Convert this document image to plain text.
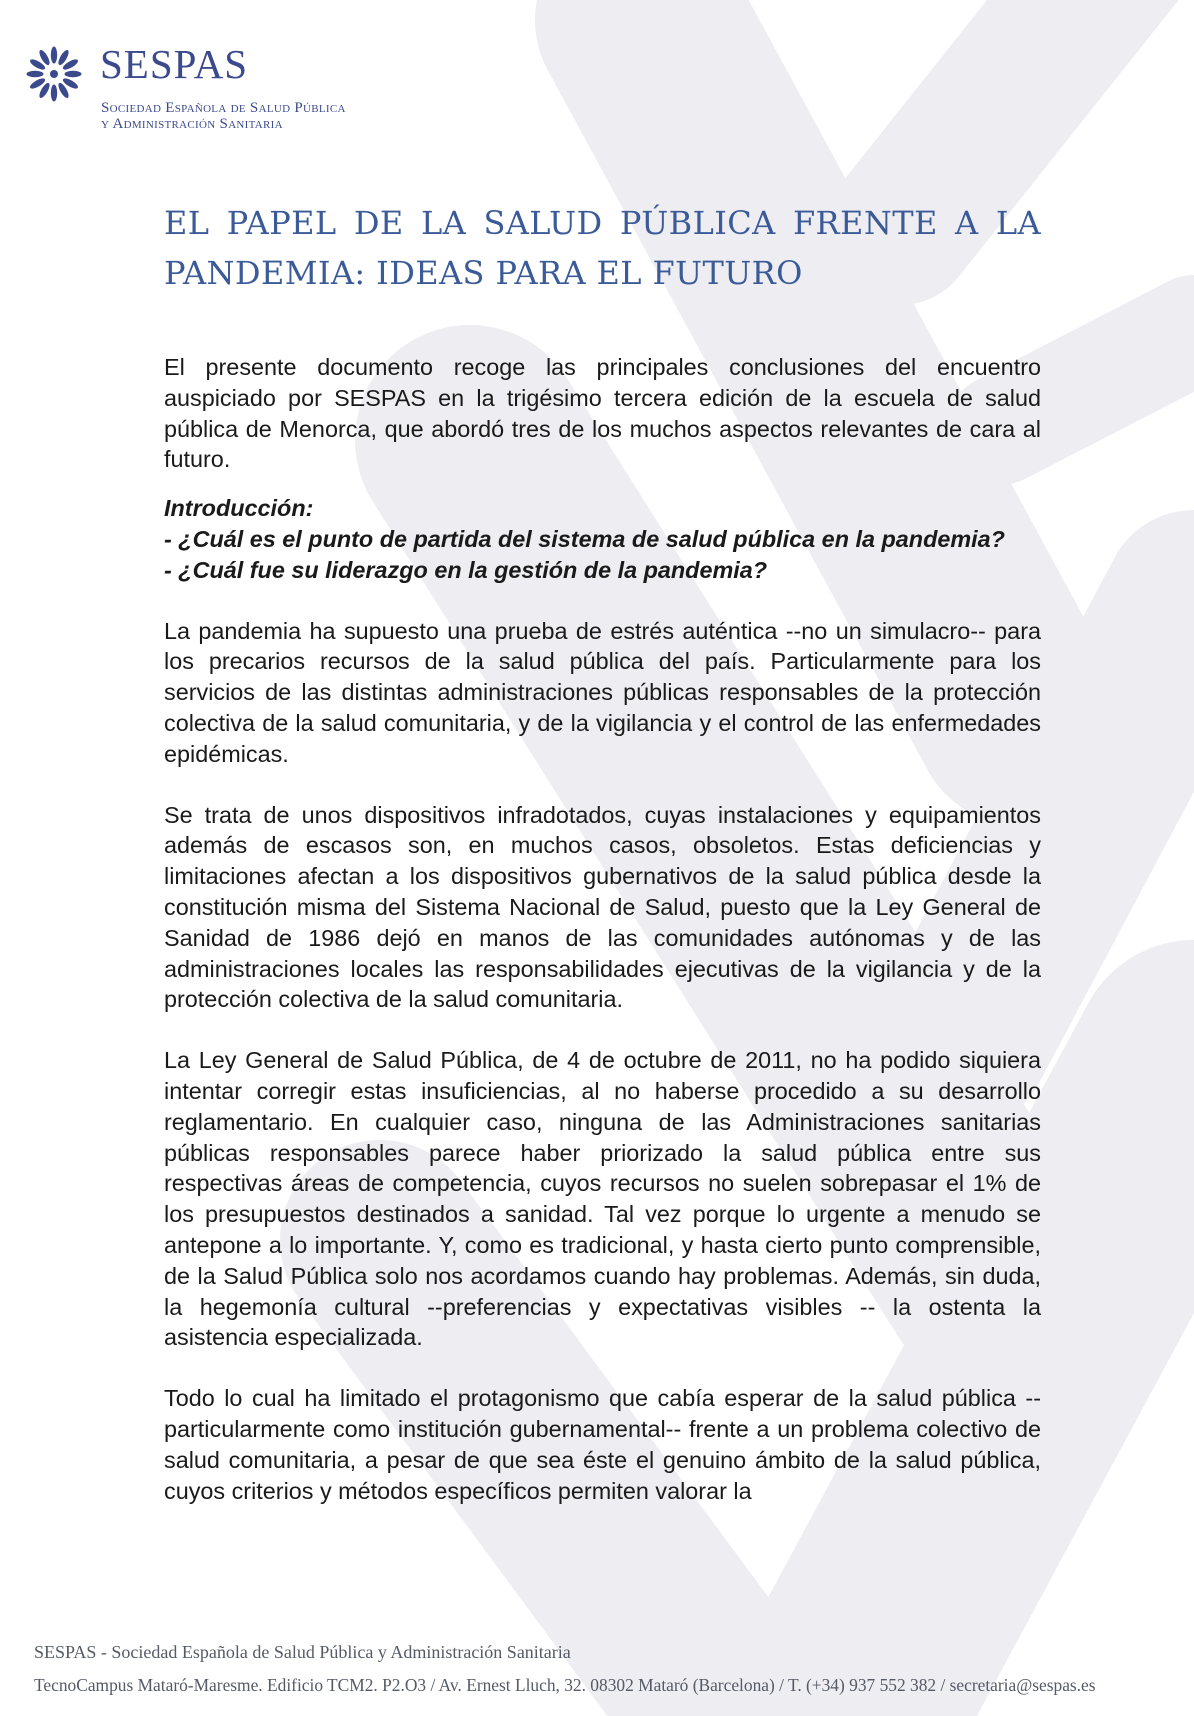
SESPAS
Sociedad Española de Salud Pública
y Administración Sanitaria
EL PAPEL DE LA SALUD PÚBLICA FRENTE A LA PANDEMIA: IDEAS PARA EL FUTURO

El presente documento recoge las principales conclusiones del encuentro auspiciado por SESPAS en la trigésimo tercera edición de la escuela de salud pública de Menorca, que abordó tres de los muchos aspectos relevantes de cara al futuro.

Introducción:

- ¿Cuál es el punto de partida del sistema de salud pública en la pandemia?

- ¿Cuál fue su liderazgo en la gestión de la pandemia?

La pandemia ha supuesto una prueba de estrés auténtica --no un simulacro-- para los precarios recursos de la salud pública del país. Particularmente para los servicios de las distintas administraciones públicas responsables de la protección colectiva de la salud comunitaria, y de la vigilancia y el control de las enfermedades epidémicas.

Se trata de unos dispositivos infradotados, cuyas instalaciones y equipamientos además de escasos son, en muchos casos, obsoletos. Estas deficiencias y limitaciones afectan a los dispositivos gubernativos de la salud pública desde la constitución misma del Sistema Nacional de Salud, puesto que la Ley General de Sanidad de 1986 dejó en manos de las comunidades autónomas y de las administraciones locales las responsabilidades ejecutivas de la vigilancia y de la protección colectiva de la salud comunitaria.

La Ley General de Salud Pública, de 4 de octubre de 2011, no ha podido siquiera intentar corregir estas insuficiencias, al no haberse procedido a su desarrollo reglamentario. En cualquier caso, ninguna de las Administraciones sanitarias públicas responsables parece haber priorizado la salud pública entre sus respectivas áreas de competencia, cuyos recursos no suelen sobrepasar el 1% de los presupuestos destinados a sanidad. Tal vez porque lo urgente a menudo se antepone a lo importante. Y, como es tradicional, y hasta cierto punto comprensible, de la Salud Pública solo nos acordamos cuando hay problemas. Además, sin duda, la hegemonía cultural --preferencias y expectativas visibles -- la ostenta la asistencia especializada.

Todo lo cual ha limitado el protagonismo que cabía esperar de la salud pública -- particularmente como institución gubernamental-- frente a un problema colectivo de salud comunitaria, a pesar de que sea éste el genuino ámbito de la salud pública, cuyos criterios y métodos específicos permiten valorar la

SESPAS - Sociedad Española de Salud Pública y Administración Sanitaria
TecnoCampus Mataró-Maresme. Edificio TCM2. P2.O3 / Av. Ernest Lluch, 32. 08302 Mataró (Barcelona) / T. (+34) 937 552 382 / secretaria@sespas.es
